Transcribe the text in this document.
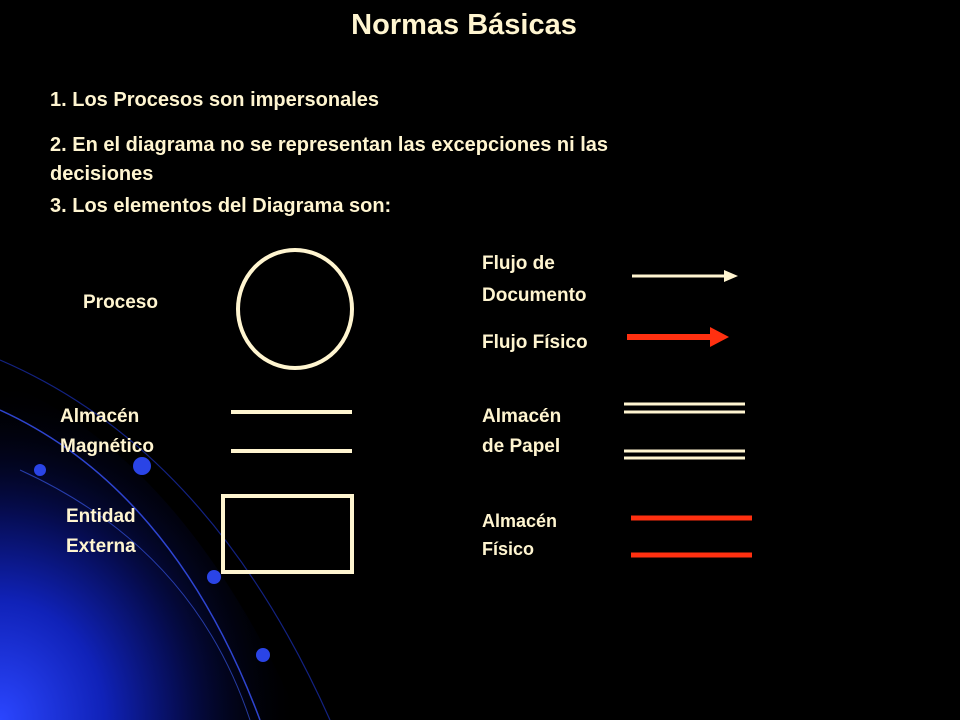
Normas Básicas
1. Los Procesos son impersonales
2. En el diagrama no se representan las excepciones ni las
decisiones
3. Los elementos del Diagrama son:
Proceso
Almacén
Magnético
Entidad
Externa
Flujo de
Documento
Flujo Físico
Almacén
de Papel
Almacén
Físico
